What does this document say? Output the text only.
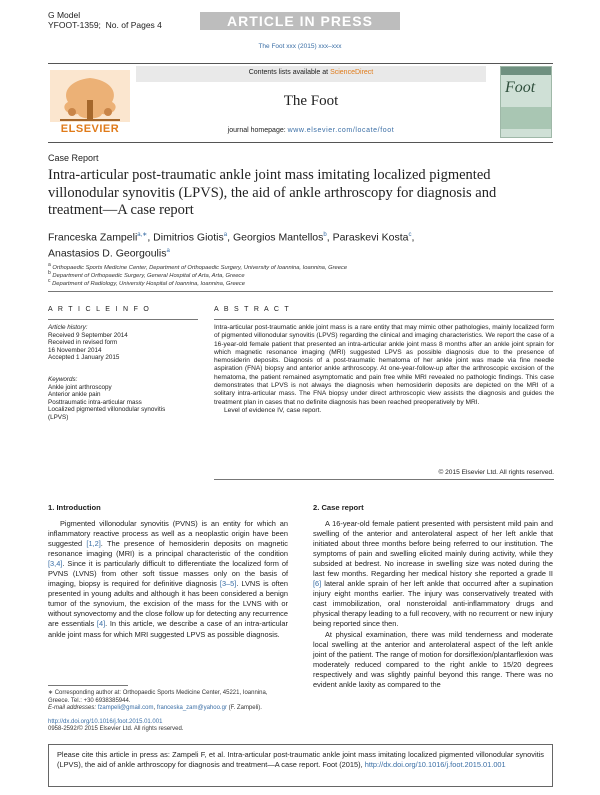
G Model
YFOOT-1359; No. of Pages 4	ARTICLE IN PRESS
The Foot xxx (2015) xxx–xxx
ELSEVIER
Contents lists available at ScienceDirect
The Foot
journal homepage: www.elsevier.com/locate/foot
Foot
Case Report
Intra-articular post-traumatic ankle joint mass imitating localized pigmented villonodular synovitis (LPVS), the aid of ankle arthroscopy for diagnosis and treatment—A case report
Franceska Zampeli$^{a,∗}$, Dimitrios Giotis$^a$, Georgios Mantellos$^b$, Paraskevi Kosta$^c$,
Anastasios D. Georgoulis$^a$
$^a$ Orthopaedic Sports Medicine Center, Department of Orthopaedic Surgery, University of Ioannina, Ioannina, Greece
$^b$ Department of Orthopaedic Surgery, General Hospital of Arta, Arta, Greece
$^c$ Department of Radiology, University Hospital of Ioannina, Ioannina, Greece
A R T I C L E I N F O	A B S T R A C T
Article history:
Received 9 September 2014
Received in revised form
16 November 2014
Accepted 1 January 2015
Keywords:
Ankle joint arthroscopy
Anterior ankle pain
Posttraumatic intra-articular mass
Localized pigmented villonodular synovitis
(LPVS)
Intra-articular post-traumatic ankle joint mass is a rare entity that may mimic other pathologies, mainly localized form of pigmented villonodular synovitis (LPVS) regarding the clinical and imaging characteristics. We report the case of a 16-year-old female patient that presented an intra-articular ankle joint mass 8 months after an ankle joint sprain for which magnetic resonance imaging (MRI) suggested LPVS as possible diagnosis due to the presence of hemosiderin deposits. Diagnosis of a post-traumatic hematoma of her ankle joint was made via fine needle aspiration (FNA) biopsy and anterior ankle arthroscopy. At one-year-follow-up after the arthroscopic excision of the hematoma, the patient remained asymptomatic and pain free while MRI revealed no pathologic findings. This case demonstrates that LPVS is not always the diagnosis when hemosiderin deposits are depicted on the MRI of a solitary intra-articular mass. The FNA biopsy under direct arthroscopic view assists the diagnosis and guides the treatment plan in cases that no definite diagnosis has been reached preoperatively by MRI.
Level of evidence IV, case report.
© 2015 Elsevier Ltd. All rights reserved.
1. Introduction
Pigmented villonodular synovitis (PVNS) is an entity for which an inflammatory reactive process as well as a neoplastic origin have been suggested [1,2]. The presence of hemosiderin deposits on magnetic resonance imaging (MRI) is a principal characteristic of the condition [3,4]. Since it is particularly difficult to differentiate the localized form of PVNS (LVNS) from other soft tissue masses only on the basis of imaging, biopsy is required for definitive diagnosis [3–5]. LVNS is often presented in young adults and although it has been considered a benign tumor of the synovium, the excision of the mass for the LVNS with or without synovectomy and the close follow up for detecting any recurrence are essentials [4]. In this article, we describe a case of an intra-articular ankle joint mass for which MRI suggested LPVS as possible diagnosis.
2. Case report
A 16-year-old female patient presented with persistent mild pain and swelling of the anterior and anterolateral aspect of her left ankle that initiated about three months before being referred to our institution. The symptoms of pain and swelling elicited mainly during activity, while they subsided at bedrest. No increase in swelling size was noted during the last few months. Regarding her medical history she reported a grade II [6] lateral ankle sprain of her left ankle that occurred after a supination injury eight months earlier. The injury was conservatively treated with cast immobilization, oral nonsteroidal anti-inflammatory drugs and physical therapy leading to a full recovery, with no recurrent or new injury being reported since then.
At physical examination, there was mild tenderness and moderate local swelling at the anterior and anterolateral aspect of the left ankle joint of the patient. The range of motion for dorsiflexion/plantarflexion was moderately reduced compared to the right ankle to 15/20 degrees respectively and was slightly painful beyond this range. There was no evident ankle laxity as compared to the
∗ Corresponding author at: Orthopaedic Sports Medicine Center, 45221, Ioannina, Greece. Tel.: +30 6938385944.
E-mail addresses: fzampeli@gmail.com, franceska_zam@yahoo.gr (F. Zampeli).
http://dx.doi.org/10.1016/j.foot.2015.01.001
0958-2592/© 2015 Elsevier Ltd. All rights reserved.
Please cite this article in press as: Zampeli F, et al. Intra-articular post-traumatic ankle joint mass imitating localized pigmented villonodular synovitis (LPVS), the aid of ankle arthroscopy for diagnosis and treatment—A case report. Foot (2015), http://dx.doi.org/10.1016/j.foot.2015.01.001
